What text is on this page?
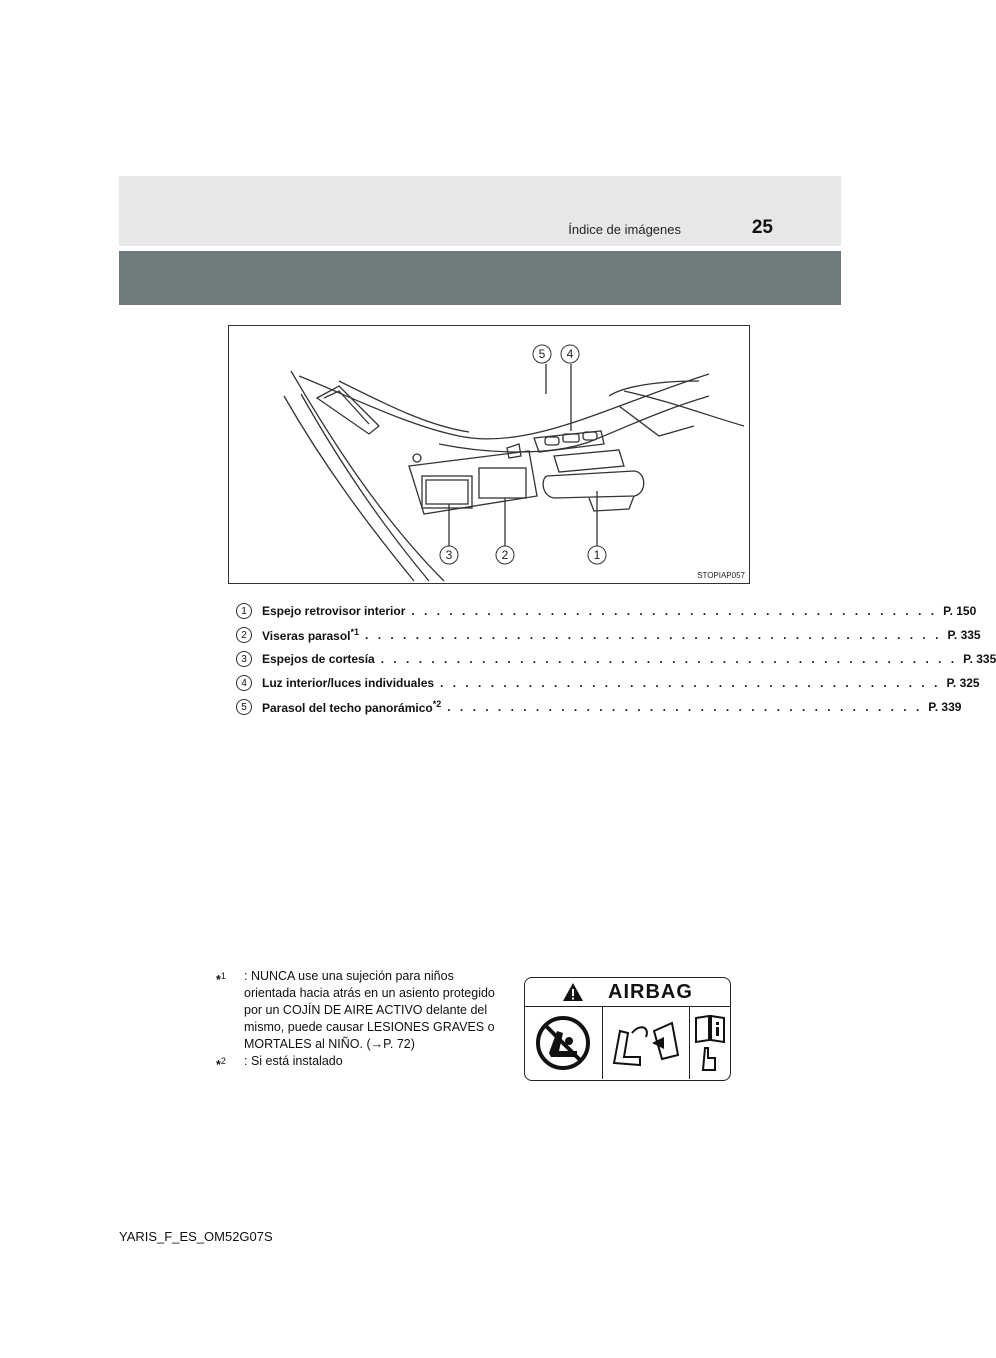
Índice de imágenes	25
5 4
3	2	1
STOPIAP057
1	Espejo retrovisor interior . . . . . . . . . . . . . . . . . . . . . . . . . . . . . . . . . . . . . . . . . . P. 150
2	Viseras parasol$^{*1}$ . . . . . . . . . . . . . . . . . . . . . . . . . . . . . . . . . . . . . . . . . . . . . . P. 335
3	Espejos de cortesía . . . . . . . . . . . . . . . . . . . . . . . . . . . . . . . . . . . . . . . . . . . . . . P. 335
4	Luz interior/luces individuales . . . . . . . . . . . . . . . . . . . . . . . . . . . . . . . . . . . . . . . . P. 325
5	Parasol del techo panorámico$^{*2}$ . . . . . . . . . . . . . . . . . . . . . . . . . . . . . . . . . . . . . . P. 339
*$^1$	: NUNCA use una sujeción para niños orientada hacia atrás en un asiento protegido por un COJÍN DE AIRE ACTIVO delante del mismo, puede causar LESIONES GRAVES o MORTALES al NIÑO. (→P. 72)
*$^2$	: Si está instalado
AIRBAG
YARIS_F_ES_OM52G07S
